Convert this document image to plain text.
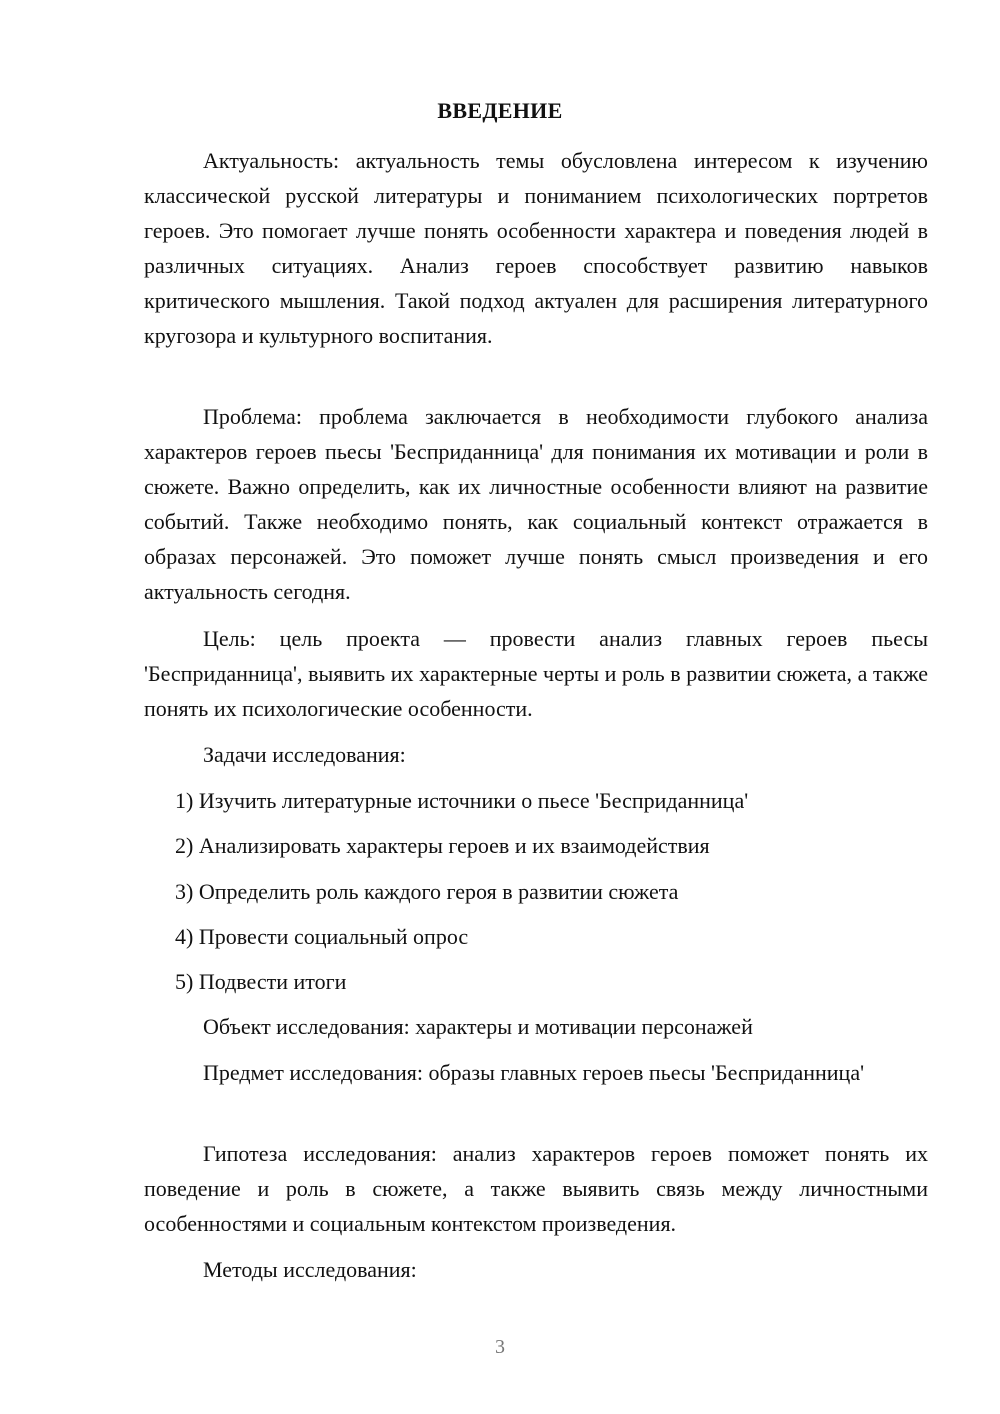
ВВЕДЕНИЕ

Актуальность: актуальность темы обусловлена интересом к изучению классической русской литературы и пониманием психологических портретов героев. Это помогает лучше понять особенности характера и поведения людей в различных ситуациях. Анализ героев способствует развитию навыков критического мышления. Такой подход актуален для расширения литературного кругозора и культурного воспитания.

Проблема: проблема заключается в необходимости глубокого анализа характеров героев пьесы 'Бесприданница' для понимания их мотивации и роли в сюжете. Важно определить, как их личностные особенности влияют на развитие событий. Также необходимо понять, как социальный контекст отражается в образах персонажей. Это поможет лучше понять смысл произведения и его актуальность сегодня.

Цель: цель проекта — провести анализ главных героев пьесы 'Бесприданница', выявить их характерные черты и роль в развитии сюжета, а также понять их психологические особенности.

Задачи исследования:

1) Изучить литературные источники о пьесе 'Бесприданница'

2) Анализировать характеры героев и их взаимодействия

3) Определить роль каждого героя в развитии сюжета

4) Провести социальный опрос

5) Подвести итоги

Объект исследования: характеры и мотивации персонажей

Предмет исследования: образы главных героев пьесы 'Бесприданница'

Гипотеза исследования: анализ характеров героев поможет понять их поведение и роль в сюжете, а также выявить связь между личностными особенностями и социальным контекстом произведения.

Методы исследования:

3
